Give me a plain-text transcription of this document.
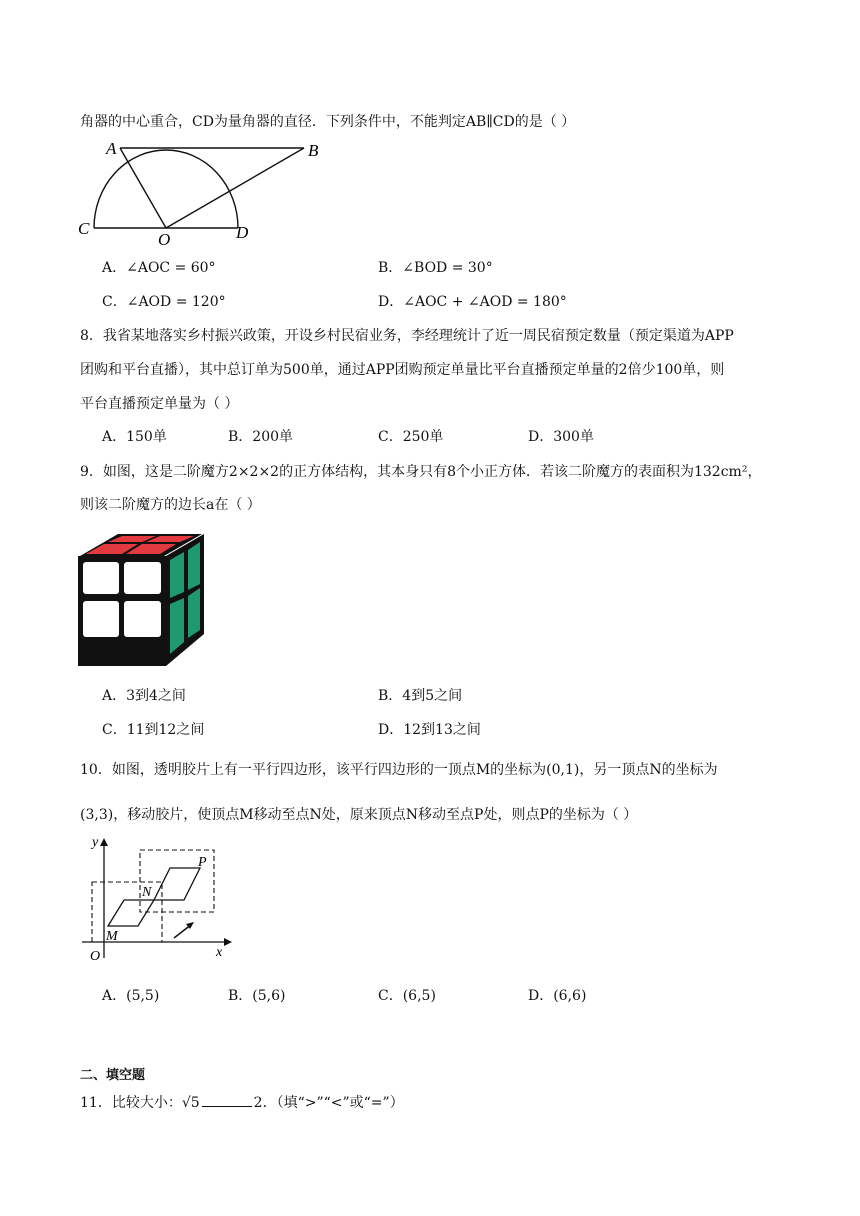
角器的中心重合，CD为量角器的直径．下列条件中，不能判定AB∥CD的是（ ）
A	B
C
O	D
A．∠AOC = 60°	B．∠BOD = 30°
C．∠AOD = 120°	D．∠AOC + ∠AOD = 180°
8．我省某地落实乡村振兴政策，开设乡村民宿业务，李经理统计了近一周民宿预定数量（预定渠道为APP
团购和平台直播），其中总订单为500单，通过APP团购预定单量比平台直播预定单量的2倍少100单，则
平台直播预定单量为（ ）
A．150单	B．200单	C．250单	D．300单
9．如图，这是二阶魔方2×2×2的正方体结构，其本身只有8个小正方体．若该二阶魔方的表面积为132cm²，
则该二阶魔方的边长a在（ ）
A．3到4之间	B．4到5之间
C．11到12之间	D．12到13之间
10．如图，透明胶片上有一平行四边形，该平行四边形的一顶点M的坐标为(0,1)，另一顶点N的坐标为
(3,3)，移动胶片，使顶点M移动至点N处，原来顶点N移动至点P处，则点P的坐标为（ ）
y
x
O
M
N
P
A．(5,5)	B．(5,6)	C．(6,5)	D．(6,6)
二、填空题
11．比较大小：√5	2．（填“>”“<”或“=”）
